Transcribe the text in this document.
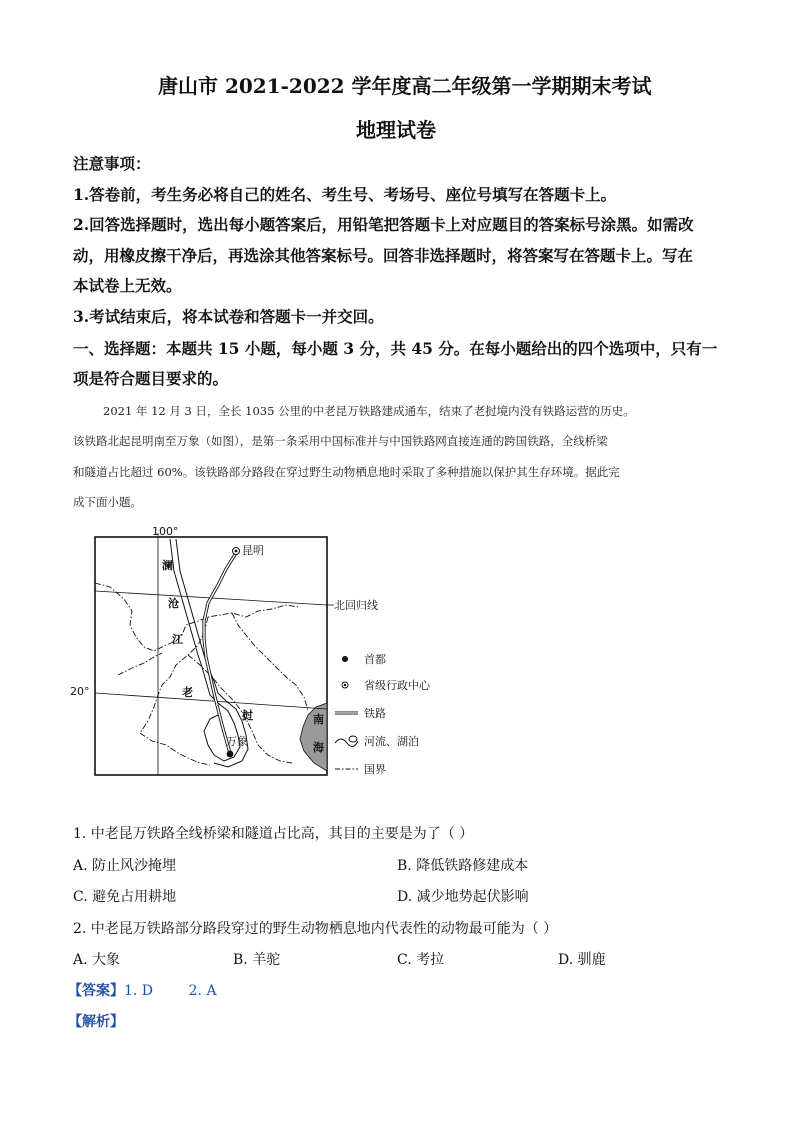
唐山市 2021-2022 学年度高二年级第一学期期末考试
地理试卷
注意事项：
1.答卷前，考生务必将自己的姓名、考生号、考场号、座位号填写在答题卡上。
2.回答选择题时，选出每小题答案后，用铅笔把答题卡上对应题目的答案标号涂黑。如需改
动，用橡皮擦干净后，再选涂其他答案标号。回答非选择题时，将答案写在答题卡上。写在
本试卷上无效。
3.考试结束后，将本试卷和答题卡一并交回。
一、选择题：本题共 15 小题，每小题 3 分，共 45 分。在每小题给出的四个选项中，只有一
项是符合题目要求的。
2021 年 12 月 3 日，全长 1035 公里的中老昆万铁路建成通车，结束了老挝境内没有铁路运营的历史。
该铁路北起昆明南至万象（如图），是第一条采用中国标准并与中国铁路网直接连通的跨国铁路，全线桥梁
和隧道占比超过 60%。该铁路部分路段在穿过野生动物栖息地时采取了多种措施以保护其生存环境。据此完
成下面小题。
100°
北回归线
20°
昆明
万象
澜
沧
江
老
挝	南
海
首都
省级行政中心
铁路
河流、湖泊
国界
1. 中老昆万铁路全线桥梁和隧道占比高，其目的主要是为了（ ）
A. 防止风沙掩埋	B. 降低铁路修建成本
C. 避免占用耕地	D. 减少地势起伏影响
2. 中老昆万铁路部分路段穿过的野生动物栖息地内代表性的动物最可能为（ ）
A. 大象	B. 羊驼	C. 考拉	D. 驯鹿
【答案】1. D        2. A
【解析】
